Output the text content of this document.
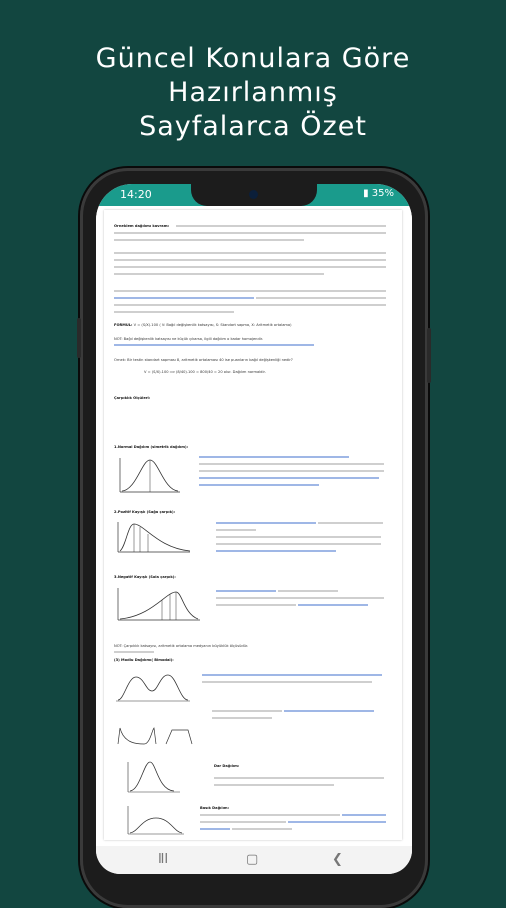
Güncel Konulara Göre
Hazırlanmış
Sayfalarca Özet
14:20	▮ 35%
Örneklem dağılımı kavramı
FORMÜL: V = (S/X̄).100 ( V: Bağıl değişkenlik katsayısı, S: Standart sapma, X̄: Aritmetik ortalama)
NOT: Bağıl değişkenlik katsayısı ne küçük çıkarsa, ilgili dağılım o kadar homojendir.
Örnek: Bir testin standart sapması 8, aritmetik ortalaması 40 ise puanların bağıl değişkenliği nedir?
V = (S/X̄).100 ⟹ (8/40).100 = 800/40 = 20 olur. Dağılım normaldir.
Çarpıklık Ölçüleri:
1.Normal Dağılım (simetrik dağılım):
2.Pozitif Kayışlı (Sağa çarpık):
3.Negatif Kayışlı (Sola çarpık):
NOT: Çarpıklık katsayısı, aritmetik ortalama medyanın büyüklük ölçüsüdür.
(3) Modlu Dağılımı( Bimodal):
Dar Dağılım:
Basık Dağılım:
ⅡⅠ	▢	❮
